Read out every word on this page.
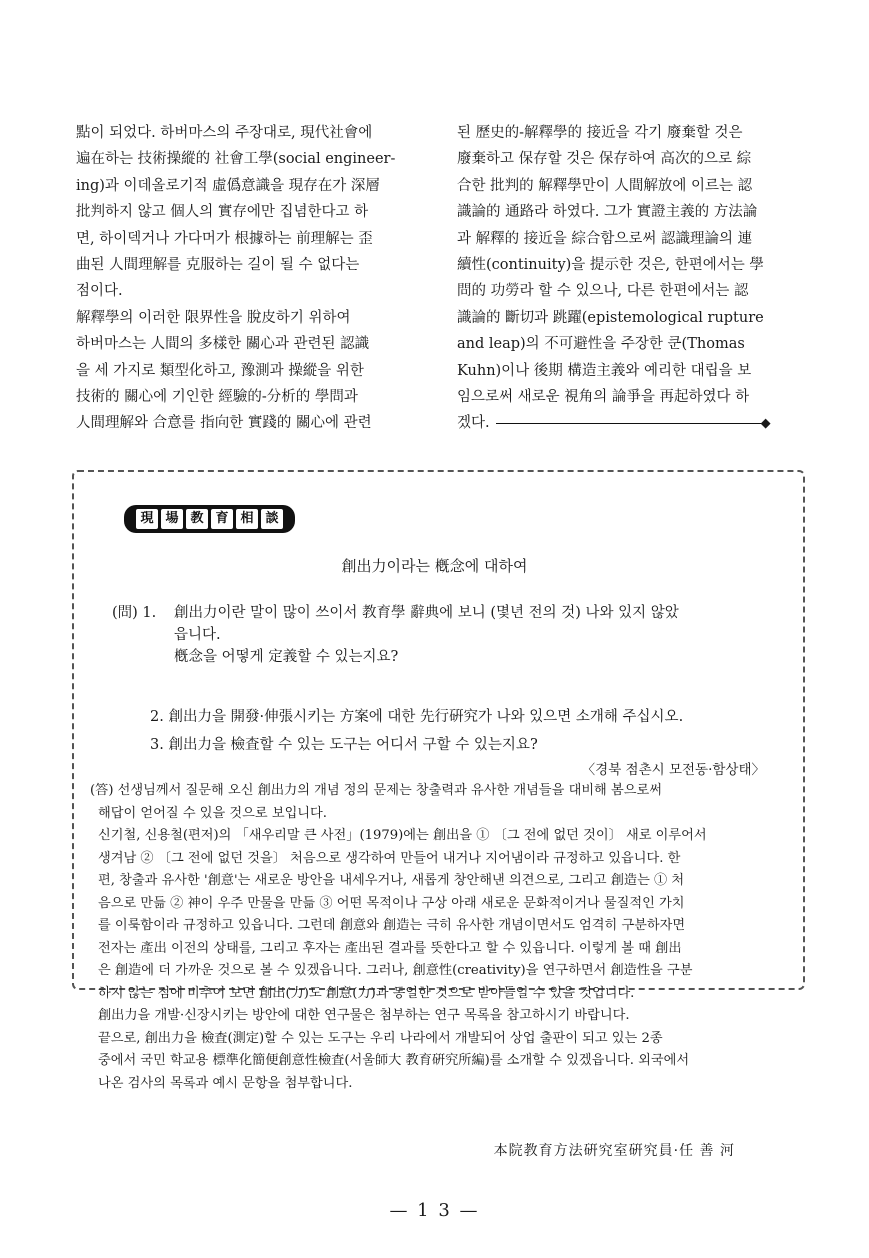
點이 되었다. 하버마스의 주장대로, 現代社會에

遍在하는 技術操縱的 社會工學(social engineer-

ing)과 이데올로기적 虛僞意識을 現存在가 深層

批判하지 않고 個人의 實存에만 집념한다고 하

면, 하이덱거나 가다머가 根據하는 前理解는 歪

曲된 人間理解를 克服하는 길이 될 수 없다는

점이다.

解釋學의 이러한 限界性을 脫皮하기 위하여

하버마스는 人間의 多樣한 關心과 관련된 認識

을 세 가지로 類型化하고, 豫測과 操縱을 위한

技術的 關心에 기인한 經驗的-分析的 學問과

人間理解와 合意를 指向한 實踐的 關心에 관련

된 歷史的-解釋學的 接近을 각기 廢棄할 것은

廢棄하고 保存할 것은 保存하여 高次的으로 綜

合한 批判的 解釋學만이 人間解放에 이르는 認

識論的 通路라 하였다. 그가 實證主義的 方法論

과 解釋的 接近을 綜合함으로써 認識理論의 連

續性(continuity)을 提示한 것은, 한편에서는 學

問的 功勞라 할 수 있으나, 다른 한편에서는 認

識論的 斷切과 跳躍(epistemological rupture

and leap)의 不可避性을 주장한 쿤(Thomas

Kuhn)이나 後期 構造主義와 예리한 대립을 보

임으로써 새로운 視角의 論爭을 再起하였다 하

겠다.	◆

現 場 教 育 相 談
創出力이라는 槪念에 대하여
(問) 1. 創出力이란 말이 많이 쓰이서 教育學 辭典에 보니 (몇년 전의 것) 나와 있지 않았
읍니다.
槪念을 어떻게 定義할 수 있는지요?
2. 創出力을 開發·伸張시키는 方案에 대한 先行硏究가 나와 있으면 소개해 주십시오.
3. 創出力을 檢査할 수 있는 도구는 어디서 구할 수 있는지요?
〈경북 점촌시 모전동·함상태〉

(答) 선생님께서 질문해 오신 創出力의 개념 정의 문제는 창출력과 유사한 개념들을 대비해 봄으로써

해답이 얻어질 수 있을 것으로 보입니다.

신기철, 신용철(편저)의 「새우리말 큰 사전」(1979)에는 創出을 ① 〔그 전에 없던 것이〕 새로 이루어서

생겨남 ② 〔그 전에 없던 것을〕 처음으로 생각하여 만들어 내거나 지어냄이라 규정하고 있읍니다. 한

편, 창출과 유사한 '創意'는 새로운 방안을 내세우거나, 새롭게 창안해낸 의견으로, 그리고 創造는 ① 처

음으로 만듦 ② 神이 우주 만물을 만듦 ③ 어떤 목적이나 구상 아래 새로운 문화적이거나 물질적인 가치

를 이룩함이라 규정하고 있읍니다. 그런데 創意와 創造는 극히 유사한 개념이면서도 엄격히 구분하자면

전자는 產出 이전의 상태를, 그리고 후자는 產出된 결과를 뜻한다고 할 수 있읍니다. 이렇게 볼 때 創出

은 創造에 더 가까운 것으로 볼 수 있겠읍니다. 그러나, 創意性(creativity)을 연구하면서 創造性을 구분

하지 않는 점에 비추어 보면 創出(力)도 創意(力)과 동일한 것으로 받아들일 수 있을 것입니다.

創出力을 개발·신장시키는 방안에 대한 연구물은 첨부하는 연구 목록을 참고하시기 바랍니다.

끝으로, 創出力을 檢査(測定)할 수 있는 도구는 우리 나라에서 개발되어 상업 출판이 되고 있는 2종

중에서 국민 학교용 標準化簡便創意性檢査(서울師大 教育硏究所編)를 소개할 수 있겠읍니다. 외국에서

나온 검사의 목록과 예시 문항을 첨부합니다.

本院教育方法硏究室硏究員·任 善 河
— 1 3 —
